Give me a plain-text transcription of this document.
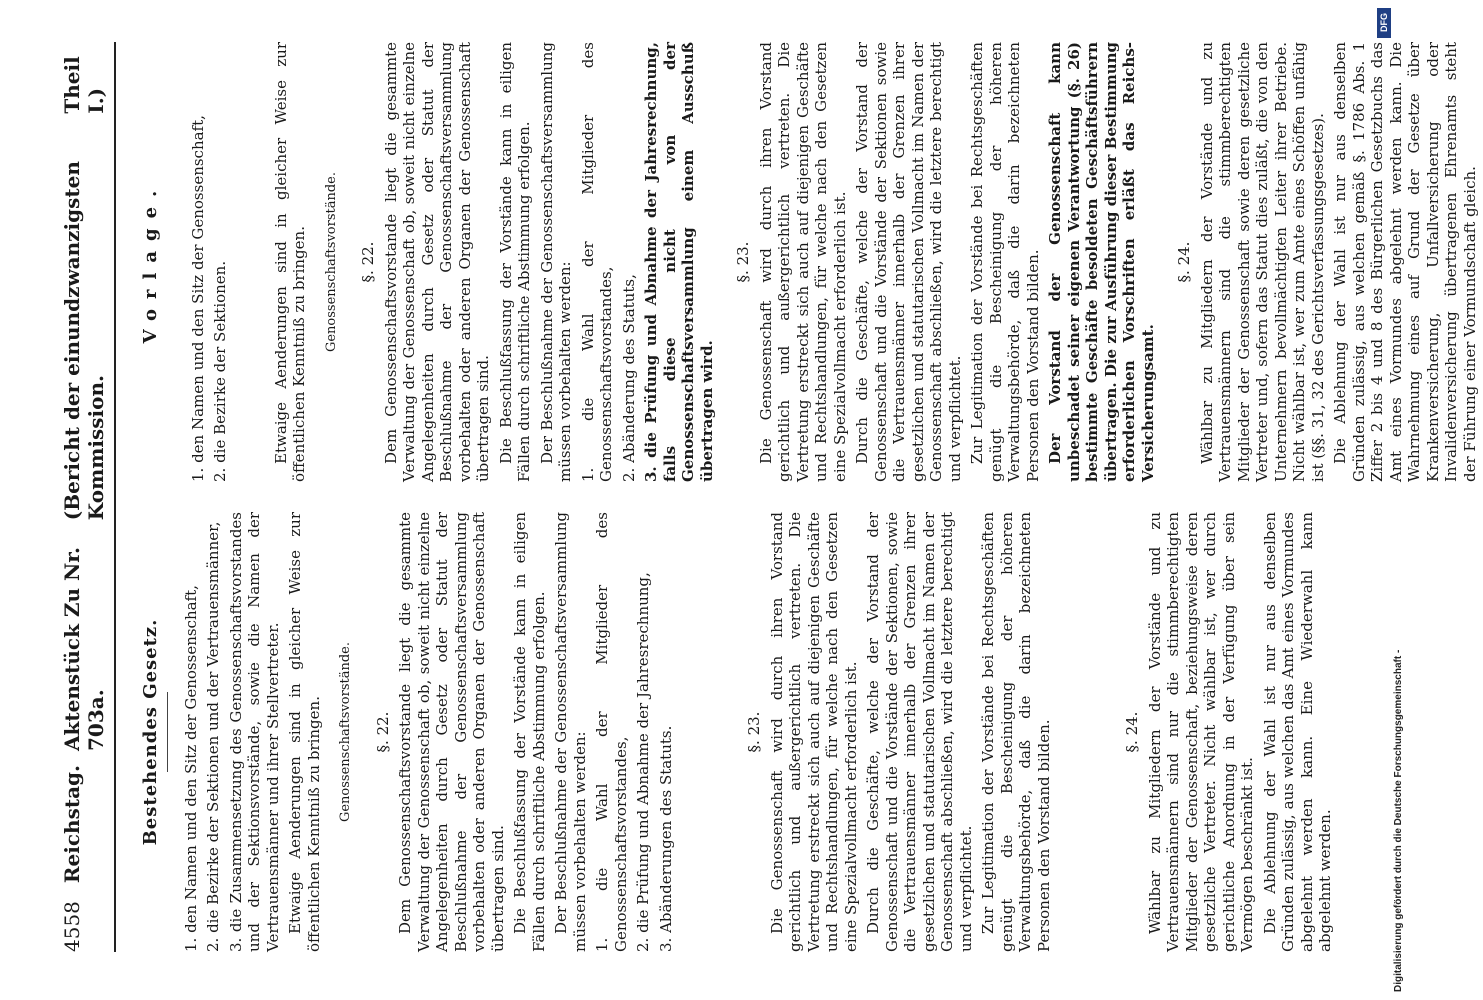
4558
Reichstag.
Aktenstück Zu Nr. 703a.
(Bericht der einundzwanzigsten Kommission.
Theil I.)
Bestehendes Gesetz. 1. den Namen und den Sitz der Genossenschaft, 2. die Bezirke der Sektionen und der Vertrauensmänner, 3. die Zusammensetzung des Genossenschaftsvorstandes und der Sektionsvorstände, sowie die Namen der Vertrauensmänner und ihrer Stellvertreter. Etwaige Aenderungen sind in gleicher Weise zur öffentlichen Kenntniß zu bringen. Genossenschaftsvorstände. §. 22. Dem Genossenschaftsvorstande liegt die gesammte Verwaltung der Genossenschaft ob, soweit nicht einzelne Angelegenheiten durch Gesetz oder Statut der Beschlußnahme der Genossenschaftsversammlung vorbehalten oder anderen Organen der Genossenschaft übertragen sind. Die Beschlußfassung der Vorstände kann in eiligen Fällen durch schriftliche Abstimmung erfolgen. Der Beschlußnahme der Genossenschaftsversammlung müssen vorbehalten werden: 1. die Wahl der Mitglieder des Genossenschaftsvorstandes, 2. die Prüfung und Abnahme der Jahresrechnung, 3. Abänderungen des Statuts.	§. 23. Die Genossenschaft wird durch ihren Vorstand gerichtlich und außergerichtlich vertreten. Die Vertretung erstreckt sich auch auf diejenigen Geschäfte und Rechtshandlungen, für welche nach den Gesetzen eine Spezialvollmacht erforderlich ist. Durch die Geschäfte, welche der Vorstand der Genossenschaft und die Vorstände der Sektionen, sowie die Vertrauensmänner innerhalb der Grenzen ihrer gesetzlichen und statutarischen Vollmacht im Namen der Genossenschaft abschließen, wird die letztere berechtigt und verpflichtet. Zur Legitimation der Vorstände bei Rechtsgeschäften genügt die Bescheinigung der höheren Verwaltungsbehörde, daß die darin bezeichneten Personen den Vorstand bilden.	§. 24. Wählbar zu Mitgliedern der Vorstände und zu Vertrauensmännern sind nur die stimmberechtigten Mitglieder der Genossenschaft, beziehungsweise deren gesetzliche Vertreter. Nicht wählbar ist, wer durch gerichtliche Anordnung in der Verfügung über sein Vermögen beschränkt ist. Die Ablehnung der Wahl ist nur aus denselben Gründen zulässig, aus welchen das Amt eines Vormundes abgelehnt werden kann. Eine Wiederwahl kann abgelehnt werden.

Vorlage. 1. den Namen und den Sitz der Genossenschaft, 2. die Bezirke der Sektionen.	Etwaige Aenderungen sind in gleicher Weise zur öffentlichen Kenntniß zu bringen. Genossenschaftsvorstände. §. 22. Dem Genossenschaftsvorstande liegt die gesammte Verwaltung der Genossenschaft ob, soweit nicht einzelne Angelegenheiten durch Gesetz oder Statut der Beschlußnahme der Genossenschaftsversammlung vorbehalten oder anderen Organen der Genossenschaft übertragen sind. Die Beschlußfassung der Vorstände kann in eiligen Fällen durch schriftliche Abstimmung erfolgen. Der Beschlußnahme der Genossenschaftsversammlung müssen vorbehalten werden: 1. die Wahl der Mitglieder des Genossenschaftsvorstandes, 2. Abänderung des Statuts, 3. die Prüfung und Abnahme der Jahresrechnung, falls diese nicht von der Genossenschaftsversammlung einem Ausschuß übertragen wird.

§. 23. Die Genossenschaft wird durch ihren Vorstand gerichtlich und außergerichtlich vertreten. Die Vertretung erstreckt sich auch auf diejenigen Geschäfte und Rechtshandlungen, für welche nach den Gesetzen eine Spezialvollmacht erforderlich ist. Durch die Geschäfte, welche der Vorstand der Genossenschaft und die Vorstände der Sektionen sowie die Vertrauensmänner innerhalb der Grenzen ihrer gesetzlichen und statutarischen Vollmacht im Namen der Genossenschaft abschließen, wird die letztere berechtigt und verpflichtet. Zur Legitimation der Vorstände bei Rechtsgeschäften genügt die Bescheinigung der höheren Verwaltungsbehörde, daß die darin bezeichneten Personen den Vorstand bilden. Der Vorstand der Genossenschaft kann unbeschadet seiner eigenen Verantwortung (§. 26) bestimmte Geschäfte besoldeten Geschäftsführern übertragen. Die zur Ausführung dieser Bestimmung erforderlichen Vorschriften erläßt das Reichs-Versicherungsamt.

§. 24. Wählbar zu Mitgliedern der Vorstände und zu Vertrauensmännern sind die stimmberechtigten Mitglieder der Genossenschaft sowie deren gesetzliche Vertreter und, sofern das Statut dies zuläßt, die von den Unternehmern bevollmächtigten Leiter ihrer Betriebe. Nicht wählbar ist, wer zum Amte eines Schöffen unfähig ist (§§. 31, 32 des Gerichtsverfassungsgesetzes). Die Ablehnung der Wahl ist nur aus denselben Gründen zulässig, aus welchen gemäß §. 1786 Abs. 1 Ziffer 2 bis 4 und 8 des Bürgerlichen Gesetzbuchs das Amt eines Vormundes abgelehnt werden kann. Die Wahrnehmung eines auf Grund der Gesetze über Krankenversicherung, Unfallversicherung oder Invalidenversicherung übertragenen Ehrenamts steht der Führung einer Vormundschaft gleich.

DFG
Digitalisierung gefördert durch die Deutsche Forschungsgemeinschaft -
